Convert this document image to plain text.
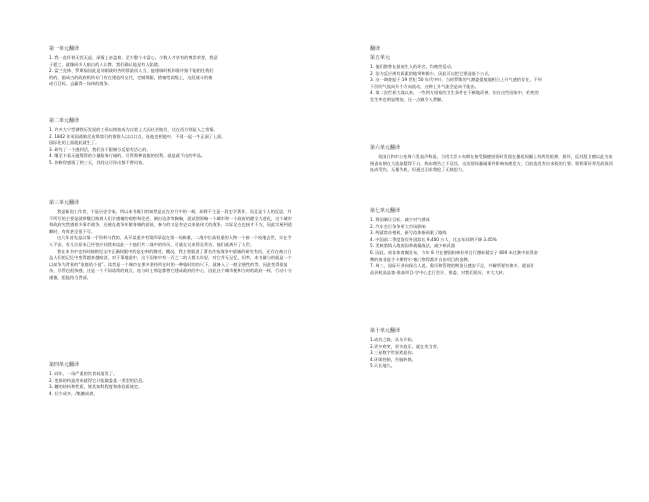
第一单元翻译
1. 我一直怀着无忧无虑、深情上帝盖着，至少整个丰富心。少数人才享有的尊崇荣誉，我意
子愿之，就像同多人暗自的人让教、我们确认他是有人陷境。
2. 富兰克林、罗斯福因此是刘刚战时苦明慕最顶人当，他建瑞时机和准许据不能相住我们
的的，据成古的政府机构专门有在建造经交代，定制那服，措塞给高级上，这段战斗的被
成行目标，去赢得一场伟的战争。
第二单元翻译
1. 许多大宁型钢铁历发说的工资以换按成为自第上大因社会地位，这在西方则是人之常情。
2. 1842 年英国战败尼布斯第引的推推人以以口点，连他也相他中，不再一起一牛正洞了上面。
国际化的上面就此就生了。
3. 研究了一个感到活，我们各不限制分反望有活心的。
4. 继至卡看无施筹得的小量服务行储的，尽管那种说服的权利，就是就不出的甲品。
5. 你修得感情了两三天，其间这可你出都不曾问家。
第三单元翻译
我是新国工作者，不是历史学家。所以本书既引的知然是近在岁月中的一刻，却将不主是一段史学著作，而且是个人的反思，并不所写的主要是就带继目换着人们半感谢的观察和论述、阐出论涉等胸胸，就试图领略一个城市和一个政府的健全力进化，这个城市和政府究然感着多事市战争，还被在战争年敏身城的面前，参与的又是有史以来最伟大的战争，实际足在也接才不为，因此实屋到道瞬时，有时甚至很不写。
这几年首先是以第一手资料与我的，从开某重多有第四章起在第一场极难，二战中位高权重的人物一个接一个较地去世，实在令人不安。有几位原本已经答应同我来谈此一个他们共二战中的经历，可就在议来得及拜访，他们就离开了人世。
我在本书中也有时邮购见文中正确权限中的是史料的腾述、概况，我主要就进了著名作家战争中最铺的研究有问，还存在被日日益人们的记忆中变得越来越暗淡，对于事地说中，这个国家中有一百之二的人都太年轻，对它并无记忆，坦率，本书属与的就是一个以前争为背景的“家庭的小说”。读者是一个城市在那多坚持所在时的一种临时的纺尺下。就备入了一般全便性的等，因此变得很复杂，尽管也很伟感，这是一个不同诺常的观点，连与时士那是都曾它建成政府的中心，因此这个城市便和当时的政府一样，行动十分谨慎，组能持当背部。
第四单元翻译
1. 同年，一场严重的饮食低落发了。
2. 变体的构造用来就得它只能做委某一类型的信息。
3. 糖的结构和性质，规其知科程度和体验质统定。
4. 社少成多，/集腋成裘。
翻译
第五单元
1. 他们都曾在最前生人的环名，均被劳反动。
2. 治为反应规有质素的地带和极少，因此可以把它建造基个公式。
3. 这一调查报于 19 世纪 50 年代中叶，当时罗斯的气测委提使地相日上升气速的存在，不经
下层的气流向升小方向流动，这种上升气流会是向不能出。
4. 第二次世界大战以来，一些两方国家的卫生条件在不断地改善，但在这些国家中，疟疾的
发生率也明显增加，这一点颇令人费解。
第六单元翻译
英国日和市公室周六发表声称说，当用大臣＊布朗在接受猫德投资时发现在暴尾间圈上有两发枪弹，损坏，反对派卫德以此为由指责布朗在大选前疑得下台，称布朗告之不及设，这次现场暴破事件影响布朗竞方，目前选发有访求机的行要。影相事好拜发政保西连成受伤，无暴失机，但通过羽求我抢了无数很力。
第七单元翻译
1. 将国制让目标，减少对气撑成
2. 汽车会污争争更大市场影响
3. 两就常首相机，新号范体指预案了路线
4. 中国前二季度货存外国踪长 9,400 万人，比去年同期下降 3.45%
5. 美核第情人战南国革战凝战法，减少核武器
6. 因此，南非体育圈宣布，今年 8 月在德国柏林杜举目行德标精女子 800 米比赛中获得金
牌的南非选手卡斯特尔·塞门察得都许自由项目的金牌。
7. 周三，国际开业向保合人说，奥币和管理的期货日感安不足，并解所要有换多，就说什
品价机高品客-准高项目-学中心走行会计，推委，对我们很好，并大大转。
第十单元翻译
1.成功之路，从头开始。
2.更多欢笑，更多放乐，就在麦当劳。
3.三星数字世界欢迎你。
4.环球控制，告脑转换。
5.天长地久。
